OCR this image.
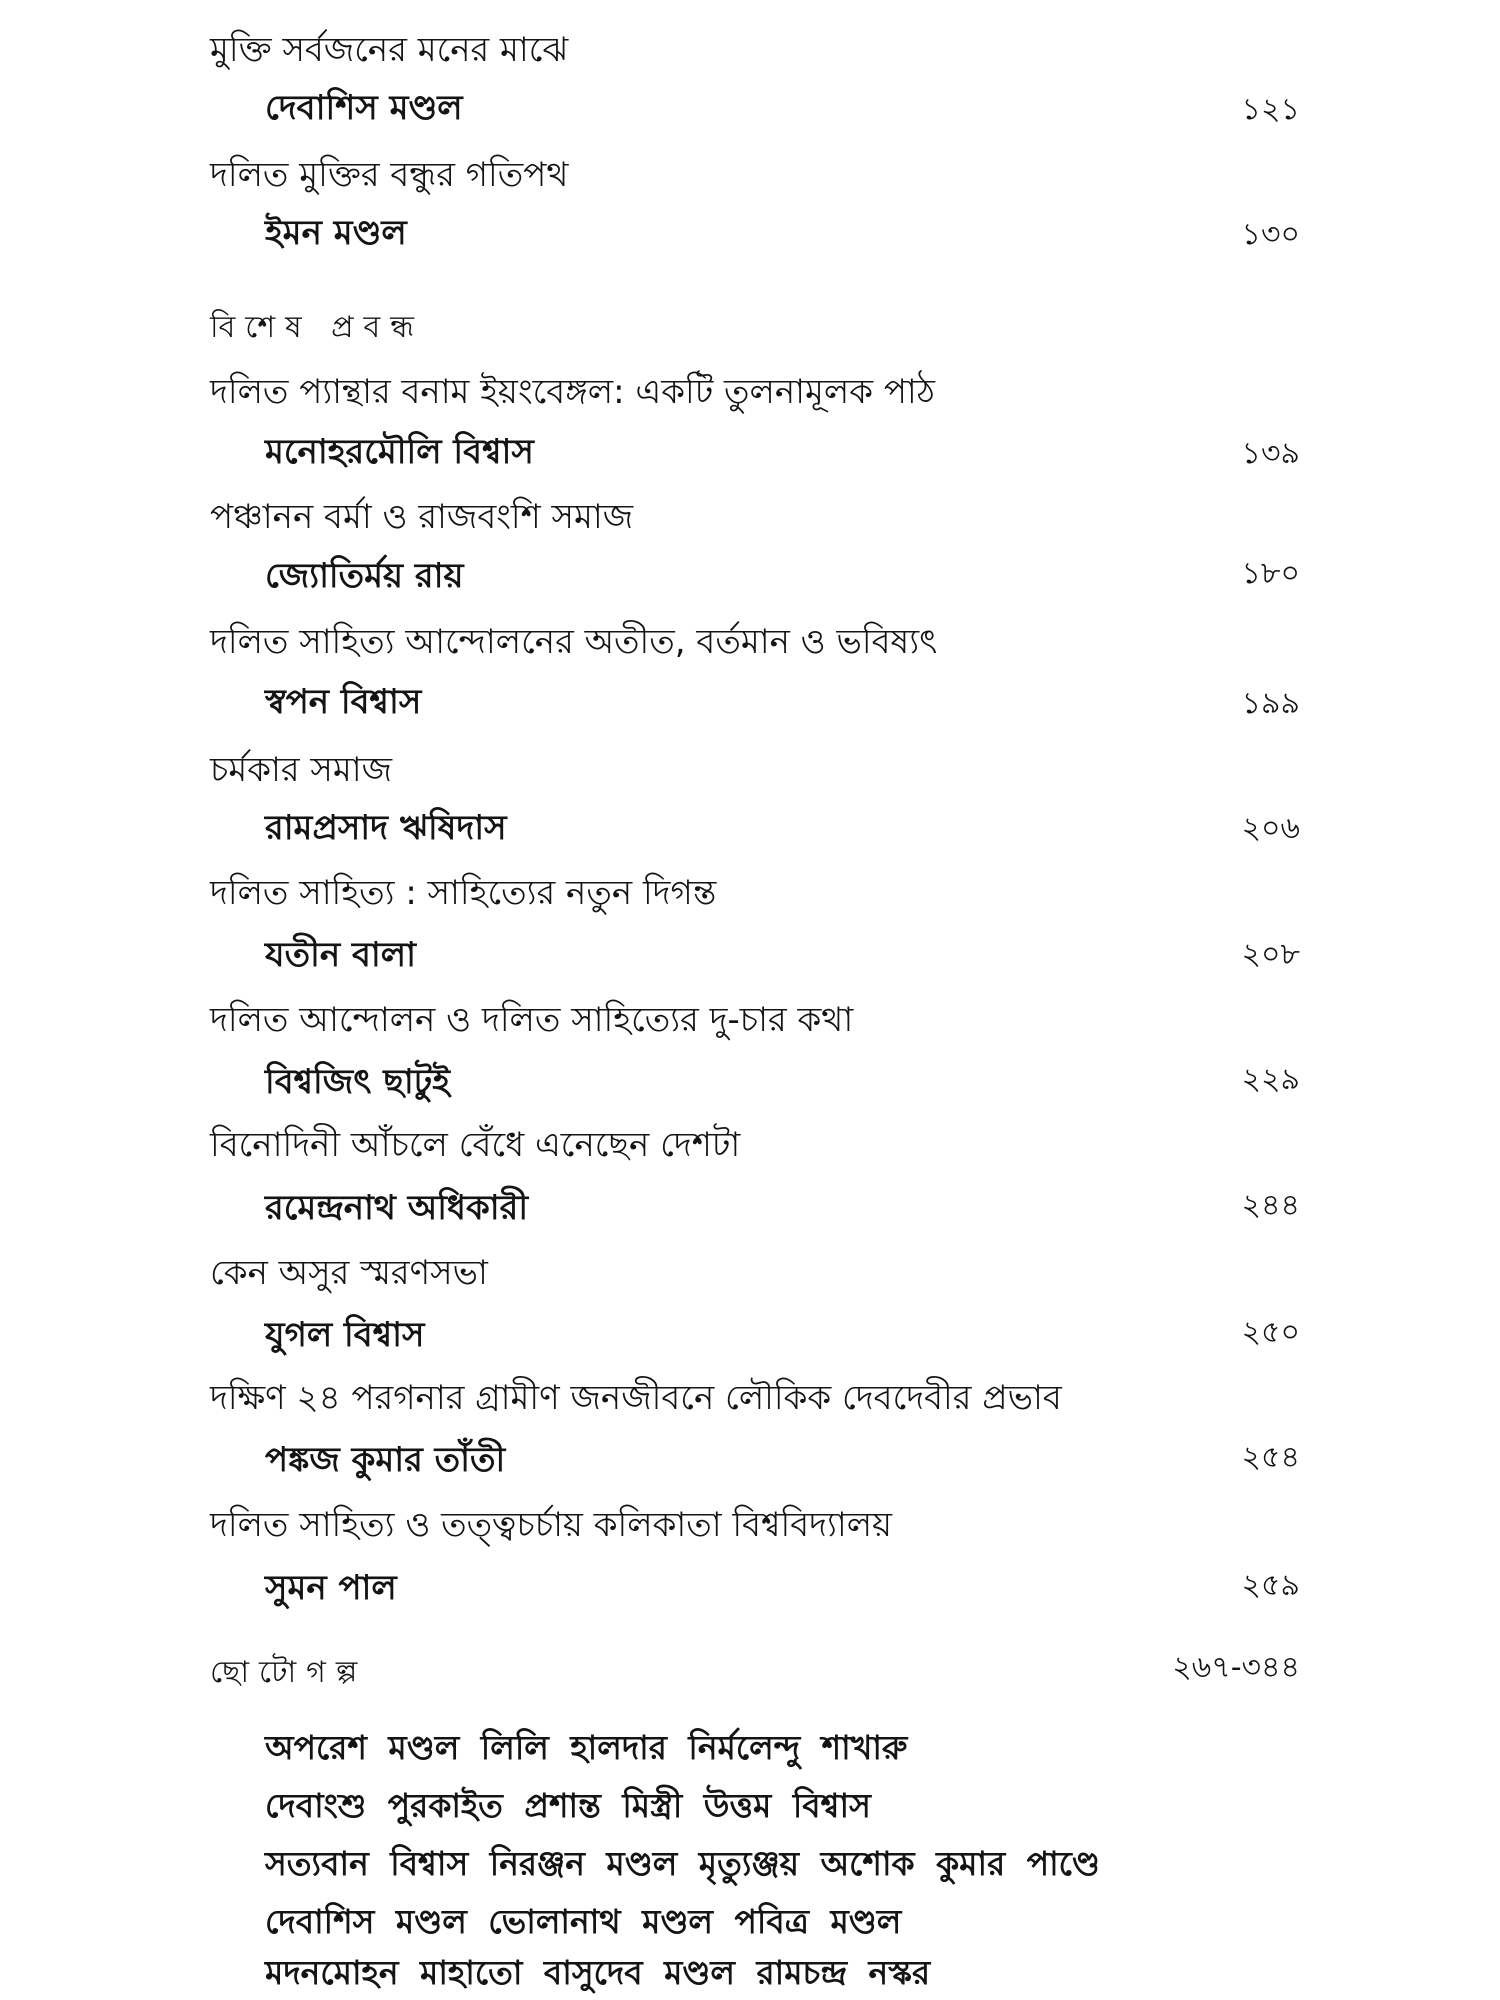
মুক্তি সর্বজনের মনের মাঝে
দেবাশিস মণ্ডল	১২১
দলিত মুক্তির বন্ধুর গতিপথ
ইমন মণ্ডল	১৩০
বিশেষ প্রবন্ধ
দলিত প্যান্থার বনাম ইয়ংবেঙ্গল: একটি তুলনামূলক পাঠ
মনোহরমৌলি বিশ্বাস	১৩৯
পঞ্চানন বর্মা ও রাজবংশি সমাজ
জ্যোতির্ময় রায়	১৮০
দলিত সাহিত্য আন্দোলনের অতীত, বর্তমান ও ভবিষ্যৎ
স্বপন বিশ্বাস	১৯৯
চর্মকার সমাজ
রামপ্রসাদ ঋষিদাস	২০৬
দলিত সাহিত্য : সাহিত্যের নতুন দিগন্ত
যতীন বালা	২০৮
দলিত আন্দোলন ও দলিত সাহিত্যের দু-চার কথা
বিশ্বজিৎ ছাটুই	২২৯
বিনোদিনী আঁচলে বেঁধে এনেছেন দেশটা
রমেন্দ্রনাথ অধিকারী	২৪৪
কেন অসুর স্মরণসভা
যুগল বিশ্বাস	২৫০
দক্ষিণ ২৪ পরগনার গ্রামীণ জনজীবনে লৌকিক দেবদেবীর প্রভাব
পঙ্কজ কুমার তাঁতী	২৫৪
দলিত সাহিত্য ও তত্ত্বচর্চায় কলিকাতা বিশ্ববিদ্যালয়
সুমন পাল	২৫৯
ছোটোগল্প	২৬৭-৩৪৪
অপরেশ মণ্ডল লিলি হালদার নির্মলেন্দু শাখারু
দেবাংশু পুরকাইত প্রশান্ত মিস্ত্রী উত্তম বিশ্বাস
সত্যবান বিশ্বাস নিরঞ্জন মণ্ডল মৃত্যুঞ্জয় অশোক কুমার পাণ্ডে
দেবাশিস মণ্ডল ভোলানাথ মণ্ডল পবিত্র মণ্ডল
মদনমোহন মাহাতো বাসুদেব মণ্ডল রামচন্দ্র নস্কর
